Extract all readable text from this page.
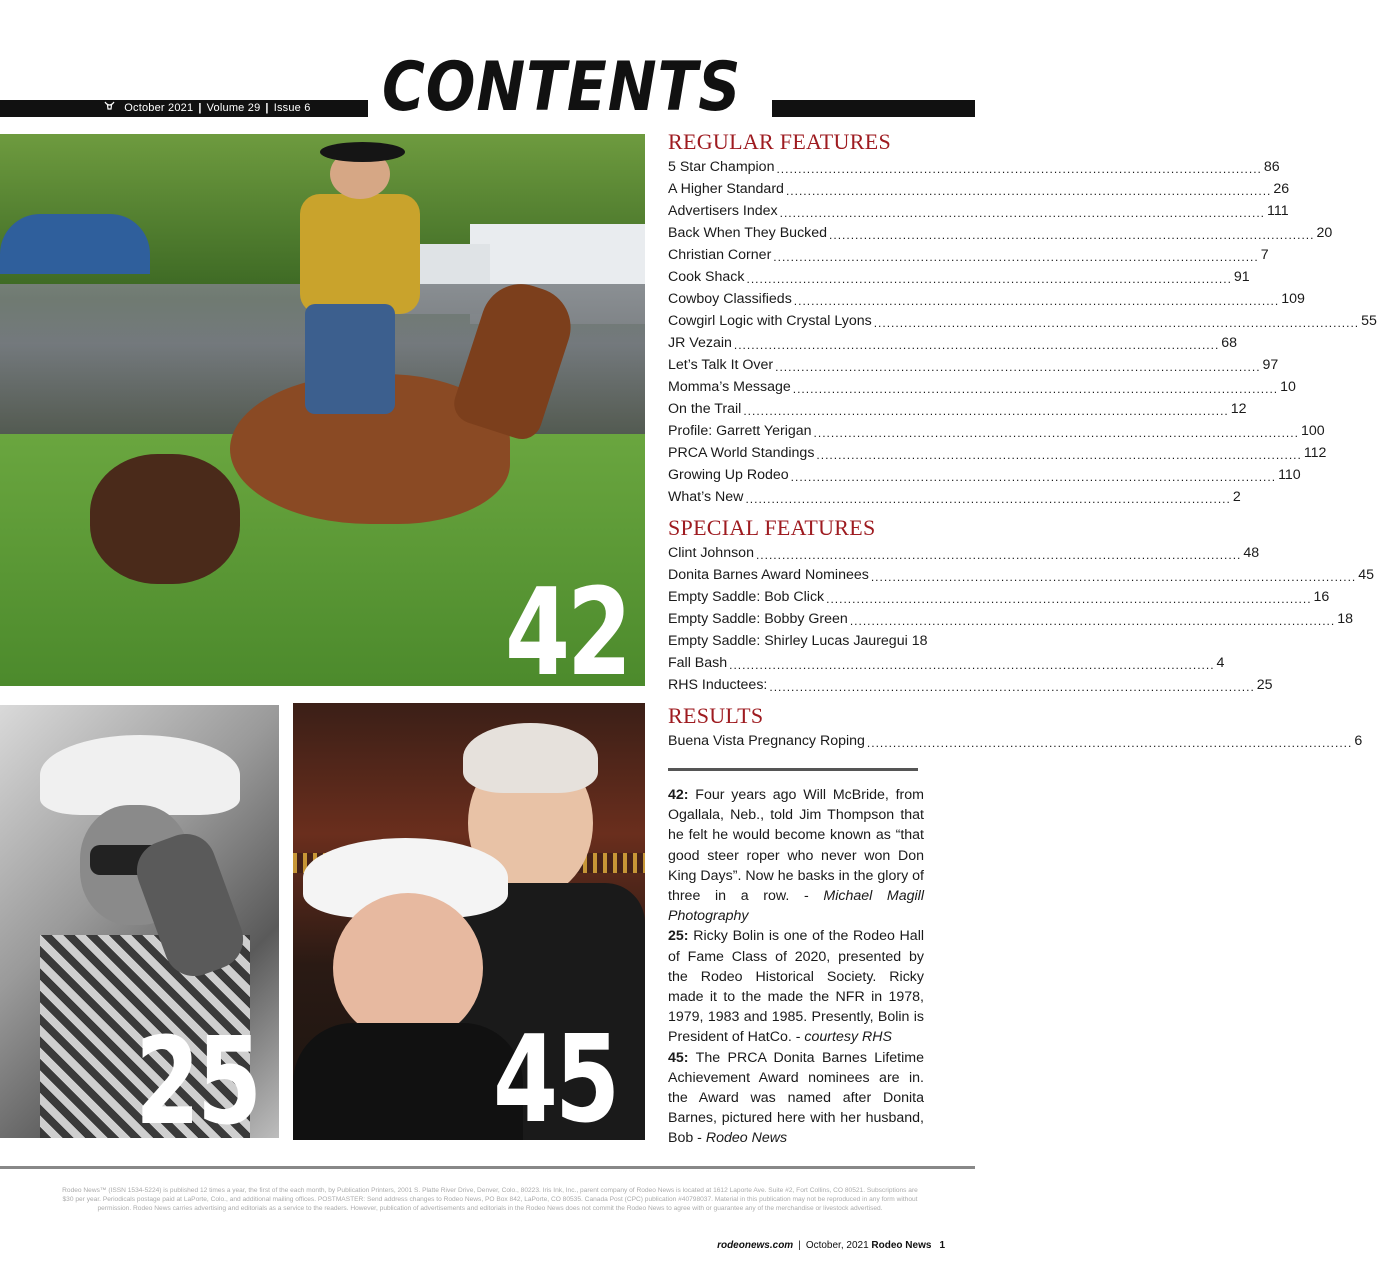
October 2021 | Volume 29 | Issue 6 CONTENTS
42
25 45
REGULAR FEATURES
5 Star Champion .....	86
A Higher Standard .....	26
Advertisers Index .....	111
Back When They Bucked .....	20
Christian Corner .....	7
Cook Shack .....	91
Cowboy Classifieds .....	109
Cowgirl Logic with Crystal Lyons .....	55
JR Vezain .....	68
Let’s Talk It Over .....	97
Momma’s Message .....	10
On the Trail .....	12
Profile: Garrett Yerigan .....	100
PRCA World Standings .....	112
Growing Up Rodeo .....	110
What’s New .....	2
SPECIAL FEATURES
Clint Johnson .....	48
Donita Barnes Award Nominees .....	45
Empty Saddle: Bob Click .....	16
Empty Saddle: Bobby Green .....	18
Empty Saddle: Shirley Lucas Jauregui 18
Fall Bash .....	4
RHS Inductees: .....	25
RESULTS
Buena Vista Pregnancy Roping .....	6

42: Four years ago Will McBride, from Ogallala, Neb., told Jim Thompson that he felt he would become known as “that good steer roper who never won Don King Days”. Now he basks in the glory of three in a row. - Michael Magill Photography

25: Ricky Bolin is one of the Rodeo Hall of Fame Class of 2020, presented by the Rodeo Historical Society. Ricky made it to the made the NFR in 1978, 1979, 1983 and 1985. Presently, Bolin is President of HatCo. - courtesy RHS

45: The PRCA Donita Barnes Lifetime Achievement Award nominees are in. the Award was named after Donita Barnes, pictured here with her husband, Bob - Rodeo News

Rodeo News™ (ISSN 1534-5224) is published 12 times a year, the first of the each month, by Publication Printers, 2001 S. Platte River Drive, Denver, Colo., 80223. Iris Ink, Inc., parent company of Rodeo News is located at 1612 Laporte Ave. Suite #2, Fort Collins, CO 80521. Subscriptions are $30 per year. Periodicals postage paid at LaPorte, Colo., and additional mailing offices. POSTMASTER: Send address changes to Rodeo News, PO Box 842, LaPorte, CO 80535. Canada Post (CPC) publication #40798037. Material in this publication may not be reproduced in any form without permission. Rodeo News carries advertising and editorials as a service to the readers. However, publication of advertisements and editorials in the Rodeo News does not commit the Rodeo News to agree with or guarantee any of the merchandise or livestock advertised.
rodeonews.com | October, 2021 Rodeo News 1
